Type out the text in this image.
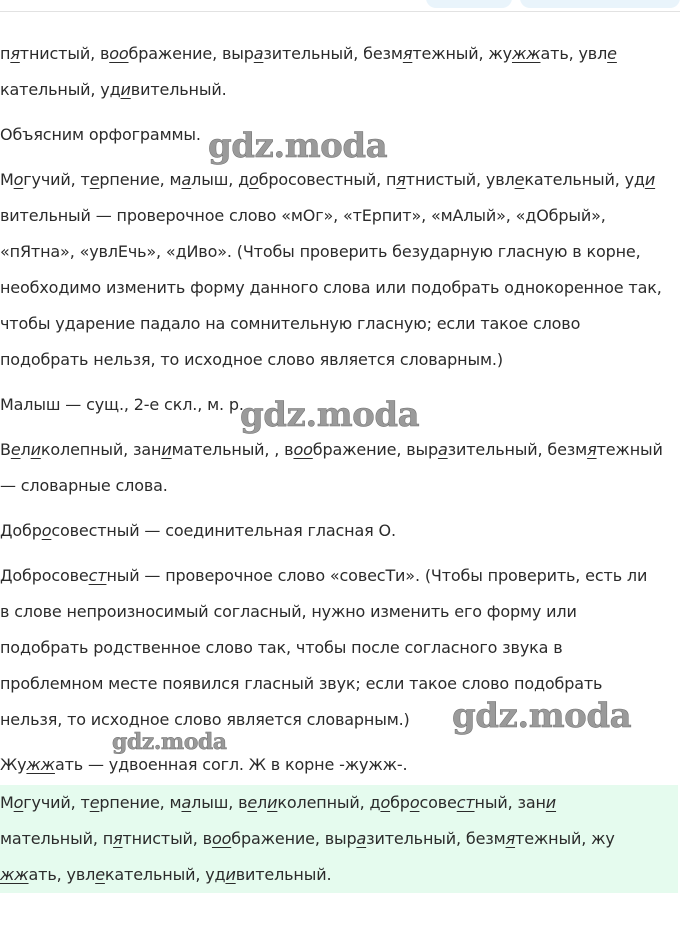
пятнистый, воображение, выразительный, безмятежный, жужжать, увле
кательный, удивительный.

Объясним орфограммы.

Могучий, терпение, малыш, добросовестный, пятнистый, увлекательный, уди
вительный — проверочное слово «мОг», «тЕрпит», «мАлый», «дОбрый»,
«пЯтна», «увлЕчь», «дИво». (Чтобы проверить безударную гласную в корне,
необходимо изменить форму данного слова или подобрать однокоренное так,
чтобы ударение падало на сомнительную гласную; если такое слово
подобрать нельзя, то исходное слово является словарным.)

Малыш — сущ., 2-е скл., м. р.

Великолепный, занимательный, , воображение, выразительный, безмятежный
— словарные слова.

Добросовестный — соединительная гласная О.

Добросовестный — проверочное слово «совесТи». (Чтобы проверить, есть ли
в слове непроизносимый согласный, нужно изменить его форму или
подобрать родственное слово так, чтобы после согласного звука в
проблемном месте появился гласный звук; если такое слово подобрать
нельзя, то исходное слово является словарным.)

Жужжать — удвоенная согл. Ж в корне -жужж-.

Могучий, терпение, малыш, великолепный, добросовестный, зани
мательный, пятнистый, воображение, выразительный, безмятежный, жу
жжать, увлекательный, удивительный.

gdz.moda
gdz.moda
gdz.moda
gdz.moda
